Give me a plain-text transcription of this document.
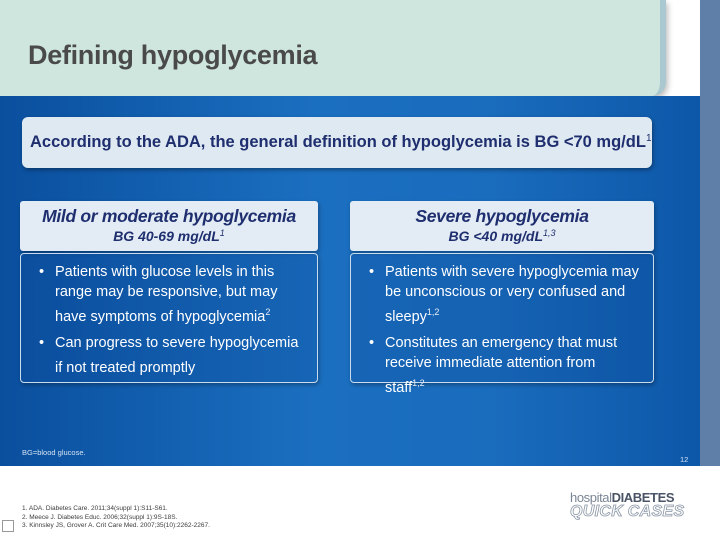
Defining hypoglycemia
According to the ADA, the general definition of hypoglycemia is BG <70 $mg/dL^1$
Mild or moderate hypoglycemia
BG 40-69 $mg/dL^1$
• Patients with glucose levels in this range may be responsive, but may have symptoms of hypoglycemia$^2$
• Can progress to severe hypoglycemia if not treated promptly
Severe hypoglycemia
BG <40 mg/dL$^{1,3}$
• Patients with severe hypoglycemia may be unconscious or very confused and sleepy$^{1,2}$
• Constitutes an emergency that must receive immediate attention from staff$^{1,2}$
BG=blood glucose.
12
1. ADA. Diabetes Care. 2011;34(suppl 1):S11-S61.
2. Meece J. Diabetes Educ. 2006;32(suppl 1):9S-18S.
3. Kinnsley JS, Grover A. Crit Care Med. 2007;35(10):2262-2267.
hospitalDIABETES
QUICK CASES
